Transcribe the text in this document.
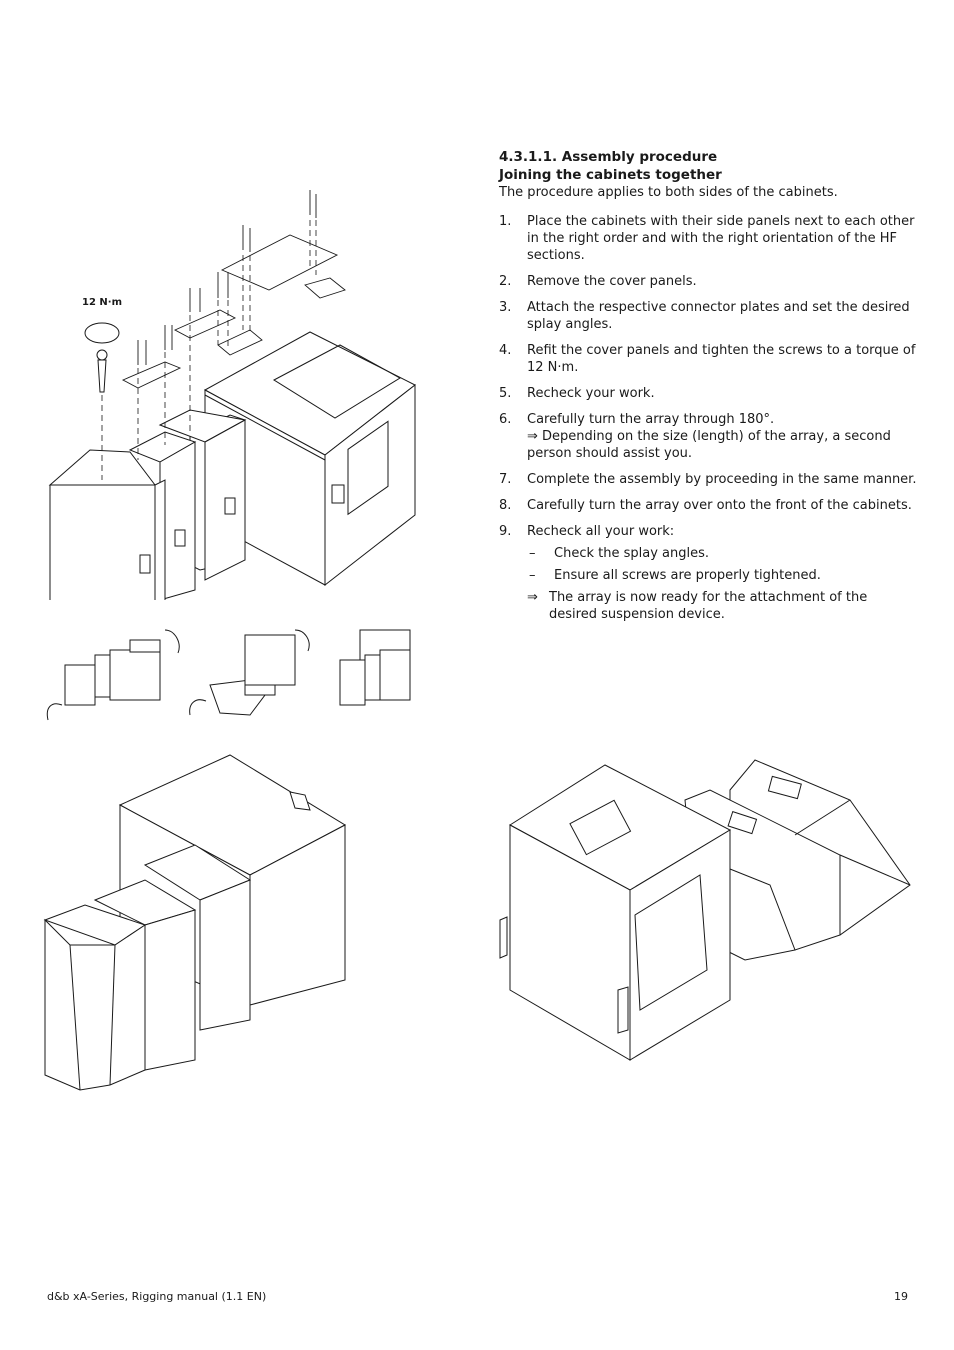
12 N·m
4.3.1.1. Assembly procedure
Joining the cabinets together
The procedure applies to both sides of the cabinets.
1. Place the cabinets with their side panels next to each other in the right order and with the right orientation of the HF sections.
2. Remove the cover panels.
3. Attach the respective connector plates and set the desired splay angles.
4. Refit the cover panels and tighten the screws to a torque of 12 N·m.
5. Recheck your work.
6. Carefully turn the array through 180°.
⇒ Depending on the size (length) of the array, a second person should assist you.
7. Complete the assembly by proceeding in the same manner.
8. Carefully turn the array over onto the front of the cabinets.
9. Recheck all your work:
– Check the splay angles.
– Ensure all screws are properly tightened.
⇒ The array is now ready for the attachment of the desired suspension device.
d&b xA-Series, Rigging manual (1.1 EN)	19
